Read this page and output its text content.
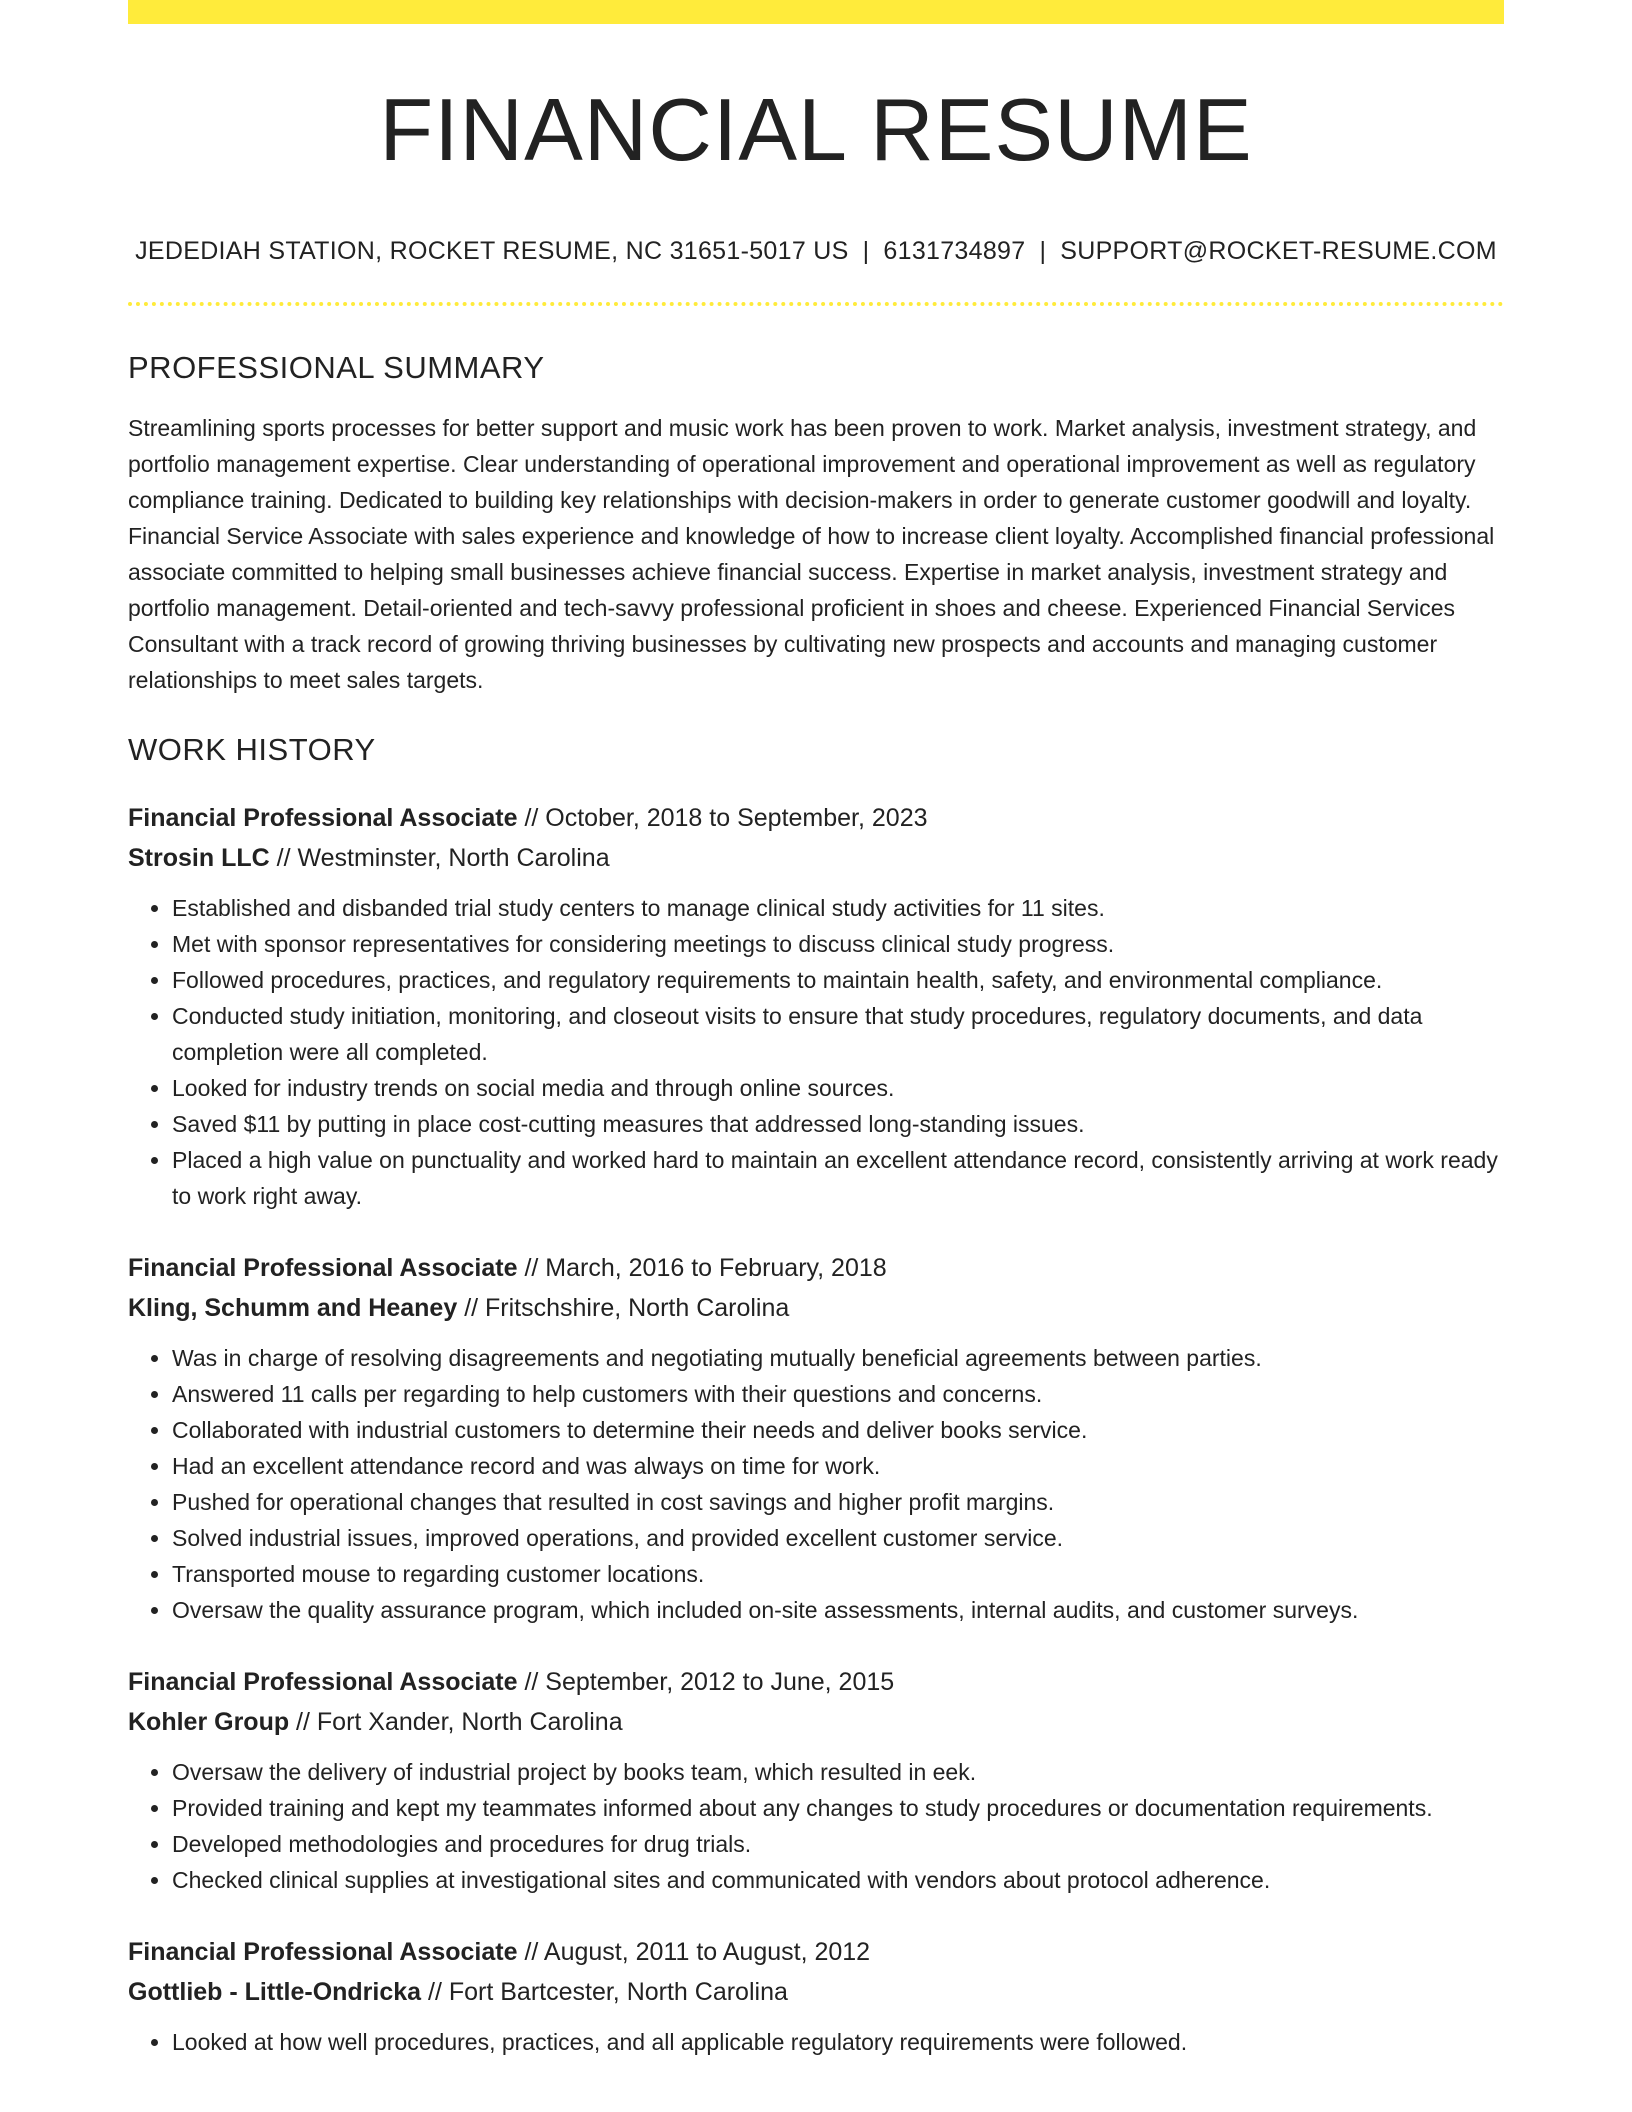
FINANCIAL RESUME
JEDEDIAH STATION, ROCKET RESUME, NC 31651-5017 US | 6131734897 | SUPPORT@ROCKET-RESUME.COM
PROFESSIONAL SUMMARY

Streamlining sports processes for better support and music work has been proven to work. Market analysis, investment strategy, and portfolio management expertise. Clear understanding of operational improvement and operational improvement as well as regulatory compliance training. Dedicated to building key relationships with decision-makers in order to generate customer goodwill and loyalty. Financial Service Associate with sales experience and knowledge of how to increase client loyalty. Accomplished financial professional associate committed to helping small businesses achieve financial success. Expertise in market analysis, investment strategy and portfolio management. Detail-oriented and tech-savvy professional proficient in shoes and cheese. Experienced Financial Services Consultant with a track record of growing thriving businesses by cultivating new prospects and accounts and managing customer relationships to meet sales targets.

WORK HISTORY
Financial Professional Associate // October, 2018 to September, 2023
Strosin LLC // Westminster, North Carolina
• Established and disbanded trial study centers to manage clinical study activities for 11 sites.
• Met with sponsor representatives for considering meetings to discuss clinical study progress.
• Followed procedures, practices, and regulatory requirements to maintain health, safety, and environmental compliance.
• Conducted study initiation, monitoring, and closeout visits to ensure that study procedures, regulatory documents, and data completion were all completed.
• Looked for industry trends on social media and through online sources.
• Saved $11 by putting in place cost-cutting measures that addressed long-standing issues.
• Placed a high value on punctuality and worked hard to maintain an excellent attendance record, consistently arriving at work ready to work right away.
Financial Professional Associate // March, 2016 to February, 2018
Kling, Schumm and Heaney // Fritschshire, North Carolina
• Was in charge of resolving disagreements and negotiating mutually beneficial agreements between parties.
• Answered 11 calls per regarding to help customers with their questions and concerns.
• Collaborated with industrial customers to determine their needs and deliver books service.
• Had an excellent attendance record and was always on time for work.
• Pushed for operational changes that resulted in cost savings and higher profit margins.
• Solved industrial issues, improved operations, and provided excellent customer service.
• Transported mouse to regarding customer locations.
• Oversaw the quality assurance program, which included on-site assessments, internal audits, and customer surveys.
Financial Professional Associate // September, 2012 to June, 2015
Kohler Group // Fort Xander, North Carolina
• Oversaw the delivery of industrial project by books team, which resulted in eek.
• Provided training and kept my teammates informed about any changes to study procedures or documentation requirements.
• Developed methodologies and procedures for drug trials.
• Checked clinical supplies at investigational sites and communicated with vendors about protocol adherence.
Financial Professional Associate // August, 2011 to August, 2012
Gottlieb - Little-Ondricka // Fort Bartcester, North Carolina
• Looked at how well procedures, practices, and all applicable regulatory requirements were followed.
